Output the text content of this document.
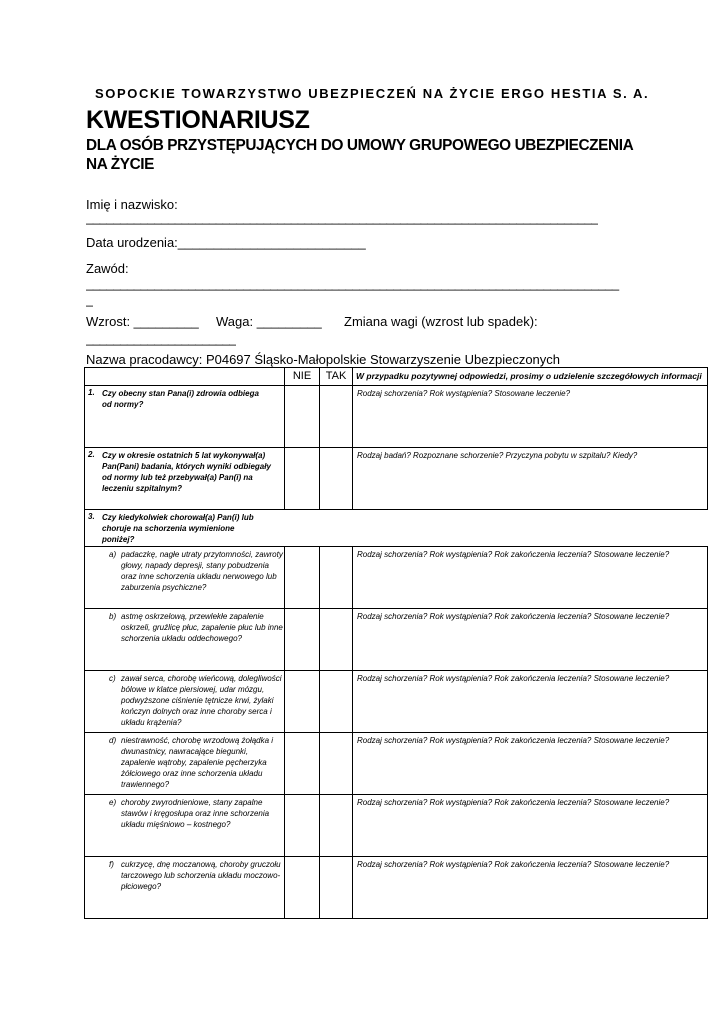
SOPOCKIE TOWARZYSTWO UBEZPIECZEŃ NA ŻYCIE ERGO HESTIA S. A.
KWESTIONARIUSZ
DLA OSÓB PRZYSTĘPUJĄCYCH DO UMOWY GRUPOWEGO UBEZPIECZENIA NA ŻYCIE
Imię i nazwisko:
___________________________________________________________________________
Data urodzenia:__________________________
Zawód:
______________________________________________________________________________
_
Wzrost: _________ Waga: _________ Zmiana wagi (wzrost lub spadek):
______________________
Nazwa pracodawcy: P04697 Śląsko-Małopolskie Stowarzyszenie Ubezpieczonych
	NIE	TAK	W przypadku pozytywnej odpowiedzi, prosimy o udzielenie szczegółowych informacji
1. Czy obecny stan Pana(i) zdrowia odbiega od normy?			Rodzaj schorzenia? Rok wystąpienia? Stosowane leczenie?
2. Czy w okresie ostatnich 5 lat wykonywał(a) Pan(Pani) badania, których wyniki odbiegały od normy lub też przebywał(a) Pan(i) na leczeniu szpitalnym?			Rodzaj badań? Rozpoznane schorzenie? Przyczyna pobytu w szpitalu? Kiedy?
3. Czy kiedykolwiek chorował(a) Pan(i) lub choruje na schorzenia wymienione poniżej?			
a) padaczkę, nagłe utraty przytomności, zawroty głowy, napady depresji, stany pobudzenia oraz inne schorzenia układu nerwowego lub zaburzenia psychiczne?			Rodzaj schorzenia? Rok wystąpienia? Rok zakończenia leczenia? Stosowane leczenie?
b) astmę oskrzelową, przewlekłe zapalenie oskrzeli, gruźlicę płuc, zapalenie płuc lub inne schorzenia układu oddechowego?			Rodzaj schorzenia? Rok wystąpienia? Rok zakończenia leczenia? Stosowane leczenie?
c) zawał serca, chorobę wieńcową, dolegliwości bólowe w klatce piersiowej, udar mózgu, podwyższone ciśnienie tętnicze krwi, żylaki kończyn dolnych oraz inne choroby serca i układu krążenia?			Rodzaj schorzenia? Rok wystąpienia? Rok zakończenia leczenia? Stosowane leczenie?
d) niestrawność, chorobę wrzodową żołądka i dwunastnicy, nawracające biegunki, zapalenie wątroby, zapalenie pęcherzyka żółciowego oraz inne schorzenia układu trawiennego?			Rodzaj schorzenia? Rok wystąpienia? Rok zakończenia leczenia? Stosowane leczenie?
e) choroby zwyrodnieniowe, stany zapalne stawów i kręgosłupa oraz inne schorzenia układu mięśniowo – kostnego?			Rodzaj schorzenia? Rok wystąpienia? Rok zakończenia leczenia? Stosowane leczenie?
f) cukrzycę, dnę moczanową, choroby gruczołu tarczowego lub schorzenia układu moczowo-płciowego?			Rodzaj schorzenia? Rok wystąpienia? Rok zakończenia leczenia? Stosowane leczenie?
